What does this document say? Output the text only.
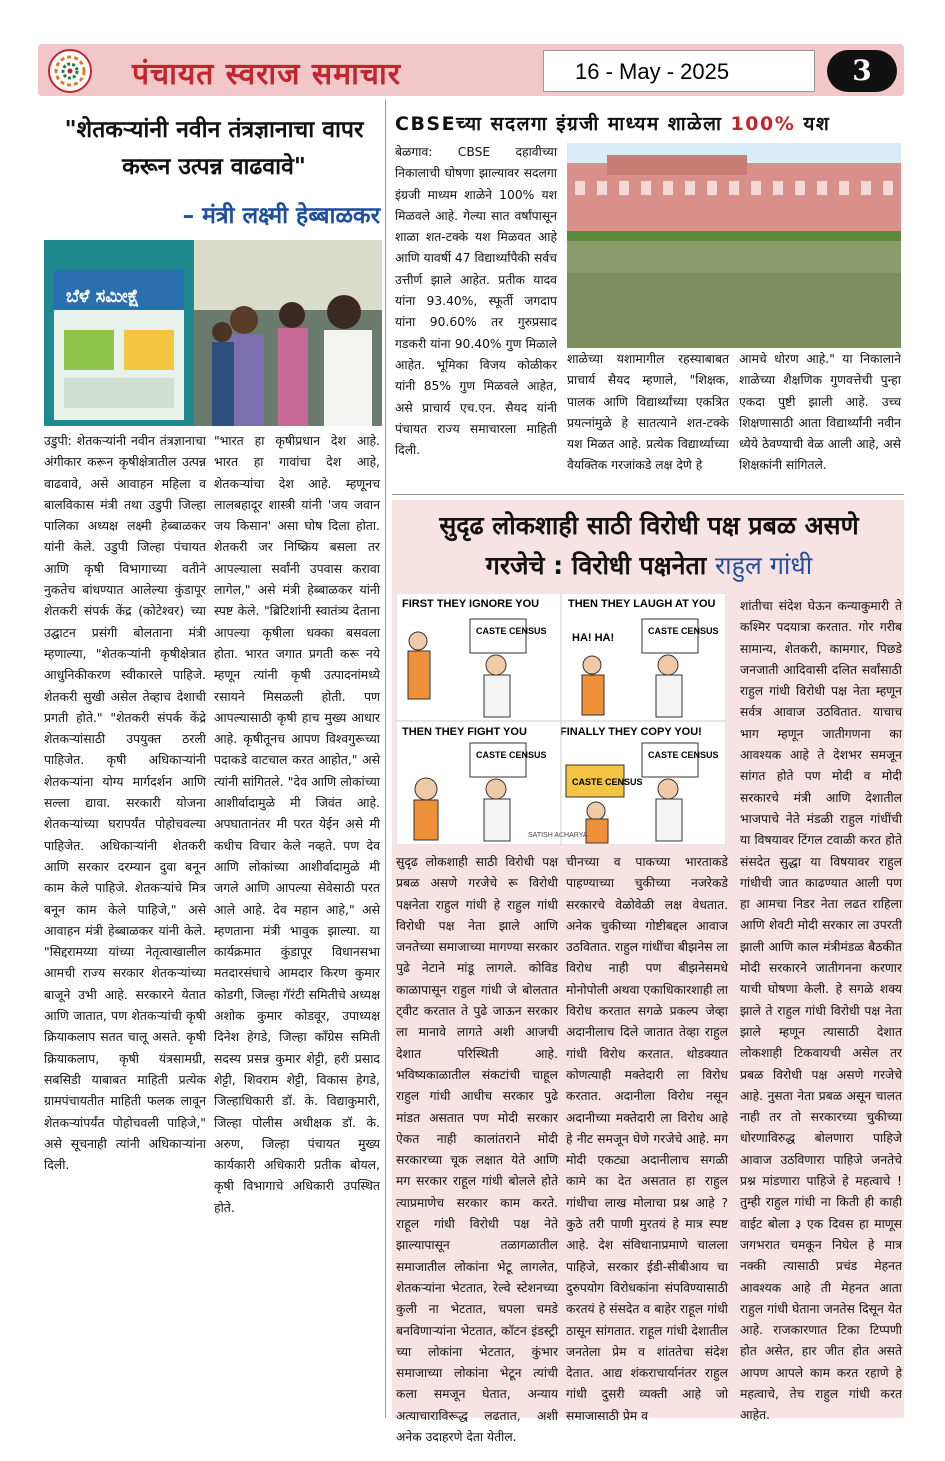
पंचायत स्वराज समाचार	16 - May - 2025	3
"शेतकऱ्यांनी नवीन तंत्रज्ञानाचा वापर करून उत्पन्न वाढवावे"
– मंत्री लक्ष्मी हेब्बाळकर
ಬೆಳೆ ಸಮೀಕ್ಷೆ
उडुपी: शेतकऱ्यांनी नवीन तंत्रज्ञानाचा अंगीकार करून कृषीक्षेत्रातील उत्पन्न वाढवावे, असे आवाहन महिला व बालविकास मंत्री तथा उडुपी जिल्हा पालिका अध्यक्ष लक्ष्मी हेब्बाळकर यांनी केले. उडुपी जिल्हा पंचायत आणि कृषी विभागाच्या वतीने नुकतेच बांधण्यात आलेल्या कुंडापूर शेतकरी संपर्क केंद्र (कोटेश्वर) च्या उद्घाटन प्रसंगी बोलताना मंत्री म्हणाल्या, "शेतकऱ्यांनी कृषीक्षेत्रात आधुनिकीकरण स्वीकारले पाहिजे. शेतकरी सुखी असेल तेव्हाच देशाची प्रगती होते." "शेतकरी संपर्क केंद्रे शेतकऱ्यांसाठी उपयुक्त ठरली पाहिजेत. कृषी अधिकाऱ्यांनी शेतकऱ्यांना योग्य मार्गदर्शन आणि सल्ला द्यावा. सरकारी योजना शेतकऱ्यांच्या घरापर्यंत पोहोचवल्या पाहिजेत. अधिकाऱ्यांनी शेतकरी आणि सरकार दरम्यान दुवा बनून काम केले पाहिजे. शेतकऱ्यांचे मित्र बनून काम केले पाहिजे," असे आवाहन मंत्री हेब्बाळकर यांनी केले. "सिद्दरामय्या यांच्या नेतृत्वाखालील आमची राज्य सरकार शेतकऱ्यांच्या बाजूने उभी आहे. सरकारने येतात आणि जातात, पण शेतकऱ्यांची कृषी क्रियाकलाप सतत चालू असते. कृषी क्रियाकलाप, कृषी यंत्रसामग्री, सबसिडी याबाबत माहिती प्रत्येक ग्रामपंचायतीत माहिती फलक लावून शेतकऱ्यांपर्यंत पोहोचवली पाहिजे," असे सूचनाही त्यांनी अधिकाऱ्यांना दिली.
"भारत हा कृषीप्रधान देश आहे. भारत हा गावांचा देश आहे, शेतकऱ्यांचा देश आहे. म्हणूनच लालबहादूर शास्त्री यांनी 'जय जवान जय किसान' असा घोष दिला होता. शेतकरी जर निष्क्रिय बसला तर आपल्याला सर्वांनी उपवास करावा लागेल," असे मंत्री हेब्बाळकर यांनी स्पष्ट केले. "ब्रिटिशांनी स्वातंत्र्य देताना आपल्या कृषीला धक्का बसवला होता. भारत जगात प्रगती करू नये म्हणून त्यांनी कृषी उत्पादनांमध्ये रसायने मिसळली होती. पण आपल्यासाठी कृषी हाच मुख्य आधार आहे. कृषीतूनच आपण विश्वगुरूच्या पदाकडे वाटचाल करत आहोत," असे त्यांनी सांगितले. "देव आणि लोकांच्या आशीर्वादामुळे मी जिवंत आहे. अपघातानंतर मी परत येईन असे मी कधीच विचार केले नव्हते. पण देव आणि लोकांच्या आशीर्वादामुळे मी जगले आणि आपल्या सेवेसाठी परत आले आहे. देव महान आहे," असे म्हणताना मंत्री भावुक झाल्या. या कार्यक्रमात कुंडापूर विधानसभा मतदारसंघाचे आमदार किरण कुमार कोडगी, जिल्हा गॅरंटी समितीचे अध्यक्ष अशोक कुमार कोडवूर, उपाध्यक्ष दिनेश हेगडे, जिल्हा काँग्रेस समिती सदस्य प्रसन्न कुमार शेट्टी, हरी प्रसाद शेट्टी, शिवराम शेट्टी, विकास हेगडे, जिल्हाधिकारी डॉ. के. विद्याकुमारी, जिल्हा पोलीस अधीक्षक डॉ. के. अरुण, जिल्हा पंचायत मुख्य कार्यकारी अधिकारी प्रतीक बोयल, कृषी विभागाचे अधिकारी उपस्थित होते.
CBSEच्या सदलगा इंग्रजी माध्यम शाळेला 100% यश
बेळगाव: CBSE दहावीच्या निकालाची घोषणा झाल्यावर सदलगा इंग्रजी माध्यम शाळेने 100% यश मिळवले आहे. गेल्या सात वर्षांपासून शाळा शत-टक्के यश मिळवत आहे आणि यावर्षी 47 विद्यार्थ्यांपैकी सर्वच उत्तीर्ण झाले आहेत. प्रतीक यादव यांना 93.40%, स्फूर्ती जगदाप यांना 90.60% तर गुरुप्रसाद गडकरी यांना 90.40% गुण मिळाले आहेत. भूमिका विजय कोळीकर यांनी 85% गुण मिळवले आहेत, असे प्राचार्य एच.एन. सैयद यांनी पंचायत राज्य समाचारला माहिती दिली.
शाळेच्या यशामागील रहस्याबाबत प्राचार्य सैयद म्हणाले, "शिक्षक, पालक आणि विद्यार्थ्यांच्या एकत्रित प्रयत्नांमुळे हे सातत्याने शत-टक्के यश मिळत आहे. प्रत्येक विद्यार्थ्याच्या वैयक्तिक गरजांकडे लक्ष देणे हे
आमचे धोरण आहे." या निकालाने शाळेच्या शैक्षणिक गुणवत्तेची पुन्हा एकदा पुष्टी झाली आहे. उच्च शिक्षणासाठी आता विद्यार्थ्यांनी नवीन ध्येये ठेवण्याची वेळ आली आहे, असे शिक्षकांनी सांगितले.
सुदृढ लोकशाही साठी विरोधी पक्ष प्रबळ असणे
गरजेचे : विरोधी पक्षनेता राहुल गांधी
FIRST THEY IGNORE YOU
CASTE CENSUS
THEN THEY LAUGH AT YOU
HA! HA!
CASTE CENSUS
THEN THEY FIGHT YOU
CASTE CENSUS
FINALLY THEY COPY YOU!
CASTE CENSUS
CASTE CENSUS
SATISH ACHARYA
सुदृढ लोकशाही साठी विरोधी पक्ष प्रबळ असणे गरजेचे रू विरोधी पक्षनेता राहुल गांधी हे राहुल गांधी विरोधी पक्ष नेता झाले आणि जनतेच्या समाजाच्या मागण्या सरकार पुढे नेटाने मांडू लागले. कोविड काळापासून राहुल गांधी जे बोलतात ट्वीट करतात ते पुढे जाऊन सरकार ला मानावे लागते अशी आजची देशात परिस्थिती आहे. भविष्यकाळातील संकटांची चाहूल राहुल गांधी आधीच सरकार पुढे मांडत असतात पण मोदी सरकार ऐकत नाही कालांतराने मोदी सरकारच्या चूक लक्षात येते आणि मग सरकार राहूल गांधी बोलले होते त्याप्रमाणेच सरकार काम करते. राहूल गांधी विरोधी पक्ष नेते झाल्यापासून तळागळातील समाजातील लोकांना भेटू लागलेत, शेतकऱ्यांना भेटतात, रेल्वे स्टेशनच्या कुली ना भेटतात, चपला चमडे बनविणाऱ्यांना भेटतात, कॉटन इंडस्ट्री च्या लोकांना भेटतात, कुंभार समाजाच्या लोकांना भेटून त्यांची कला समजून घेतात, अन्याय अत्याचाराविरूद्ध लढतात, अशी अनेक उदाहरणे देता येतील.
चीनच्या व पाकच्या भारताकडे पाहण्याच्या चुकीच्या नजरेकडे सरकारचे वेळोवेळी लक्ष वेधतात. अनेक चुकीच्या गोष्टीबद्दल आवाज उठवितात. राहुल गांधींचा बीझनेस ला विरोध नाही पण बीझनेसमधे मोनोपोली अथवा एकाधिकारशाही ला विरोध करतात सगळे प्रकल्प जेव्हा अदानीलाच दिले जातात तेव्हा राहुल गांधी विरोध करतात. थोडक्यात कोणत्याही मक्तेदारी ला विरोध करतात. अदानीला विरोध नसून अदानीच्या मक्तेदारी ला विरोध आहे हे नीट समजून घेणे गरजेचे आहे. मग मोदी एकट्या अदानीलाच सगळी कामे का देत असतात हा राहुल गांधीचा लाख मोलाचा प्रश्न आहे ? कुठे तरी पाणी मुरतयं हे मात्र स्पष्ट आहे. देश संविधानाप्रमाणे चालला पाहिजे, सरकार ईडी-सीबीआय चा दुरुपयोग विरोधकांना संपविण्यासाठी करतयं हे संसदेत व बाहेर राहूल गांधी ठासून सांगतात. राहूल गांधी देशातील जनतेला प्रेम व शांततेचा संदेश देतात. आद्य शंकराचार्यानंतर राहुल गांधी दुसरी व्यक्ती आहे जो समाजासाठी प्रेम व
शांतीचा संदेश घेऊन कन्याकुमारी ते कश्मिर पदयात्रा करतात. गोर गरीब सामान्य, शेतकरी, कामगार, पिछडे जनजाती आदिवासी दलित सर्वांसाठी राहुल गांधी विरोधी पक्ष नेता म्हणून सर्वत्र आवाज उठवितात. याचाच भाग म्हणून जातीगणना का आवश्यक आहे ते देशभर समजून सांगत होते पण मोदी व मोदी सरकारचे मंत्री आणि देशातील भाजपाचे नेते मंडळी राहुल गांधींची या विषयावर टिंगल टवाळी करत होते संसदेत सुद्धा या विषयावर राहुल गांधीची जात काढण्यात आली पण हा आमचा निडर नेता लढत राहिला आणि शेवटी मोदी सरकार ला उपरती झाली आणि काल मंत्रीमंडळ बैठकीत मोदी सरकारने जातीगनना करणार याची घोषणा केली. हे सगळे शक्य झाले ते राहुल गांधी विरोधी पक्ष नेता झाले म्हणून त्यासाठी देशात लोकशाही टिकवायची असेल तर प्रबळ विरोधी पक्ष असणे गरजेचे आहे. नुसता नेता प्रबळ असून चालत नाही तर तो सरकारच्या चुकीच्या धोरणाविरुद्ध बोलणारा पाहिजे आवाज उठविणारा पाहिजे जनतेचे प्रश्न मांडणारा पाहिजे हे महत्वाचे ! तुम्ही राहुल गांधी ना किती ही काही वाईट बोला ३ एक दिवस हा माणूस जगभरात चमकून निघेल हे मात्र नक्की त्यासाठी प्रचंड मेहनत आवश्यक आहे ती मेहनत आता राहुल गांधी घेताना जनतेस दिसून येत आहे. राजकारणात टिका टिप्पणी होत असेत, हार जीत होत असते आपण आपले काम करत रहाणे हे महत्वाचे, तेच राहुल गांधी करत आहेत.
